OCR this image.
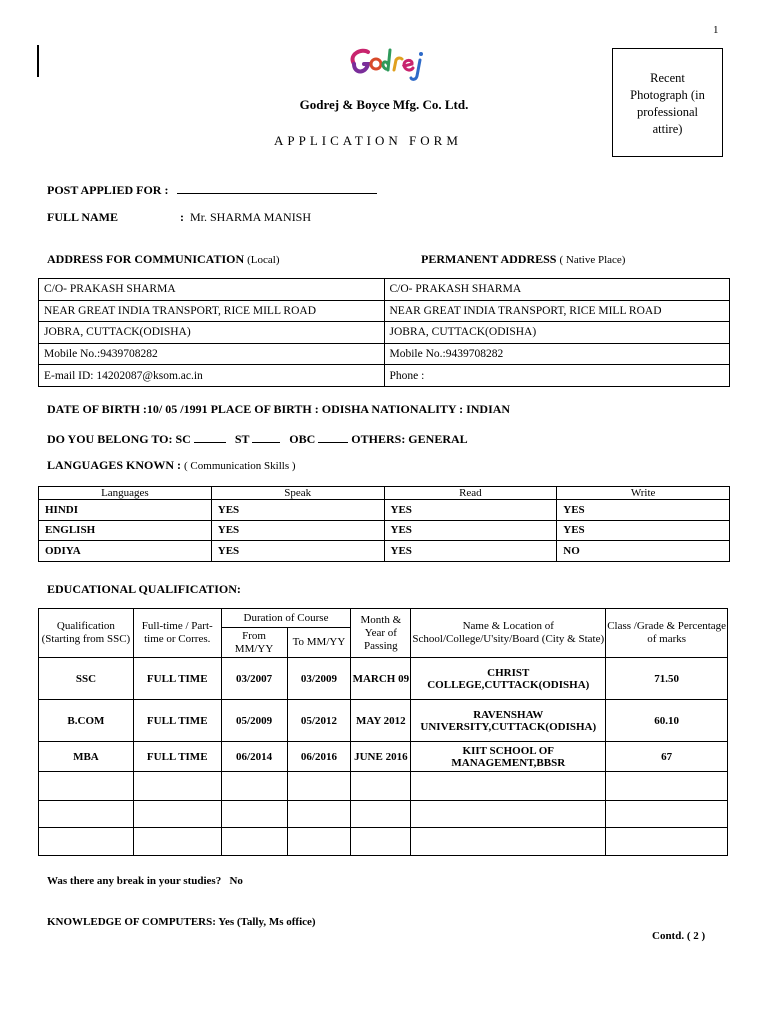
1
Godrej & Boyce Mfg. Co. Ltd.
APPLICATION FORM
Recent
Photograph (in
professional
attire)
POST APPLIED FOR :
FULL NAME	: Mr. SHARMA MANISH
ADDRESS FOR COMMUNICATION (Local)	PERMANENT ADDRESS ( Native Place)
C/O- PRAKASH SHARMA	C/O- PRAKASH SHARMA
NEAR GREAT INDIA TRANSPORT, RICE MILL ROAD	NEAR GREAT INDIA TRANSPORT, RICE MILL ROAD
JOBRA, CUTTACK(ODISHA)	JOBRA, CUTTACK(ODISHA)
Mobile No.:9439708282	Mobile No.:9439708282
E-mail ID: 14202087@ksom.ac.in	Phone :
DATE OF BIRTH :10/ 05 /1991 PLACE OF BIRTH : ODISHA NATIONALITY : INDIAN
DO YOU BELONG TO: SC	ST	OBC	OTHERS: GENERAL
LANGUAGES KNOWN : ( Communication Skills )
Languages	Speak	Read	Write
HINDI	YES	YES	YES
ENGLISH	YES	YES	YES
ODIYA	YES	YES	NO
EDUCATIONAL QUALIFICATION:
Qualification (Starting from SSC)	Full-time / Part-time or Corres.	Duration of Course		Month & Year of Passing	Name & Location of School/College/U'sity/Board (City & State)	Class /Grade & Percentage of marks
		From MM/YY	To MM/YY			
SSC	FULL TIME	03/2007	03/2009	MARCH 09	CHRIST COLLEGE,CUTTACK(ODISHA)	71.50
B.COM	FULL TIME	05/2009	05/2012	MAY 2012	RAVENSHAW UNIVERSITY,CUTTACK(ODISHA)	60.10
MBA	FULL TIME	06/2014	06/2016	JUNE 2016	KIIT SCHOOL OF MANAGEMENT,BBSR	67

Was there any break in your studies? No
KNOWLEDGE OF COMPUTERS: Yes (Tally, Ms office)
Contd. ( 2 )
